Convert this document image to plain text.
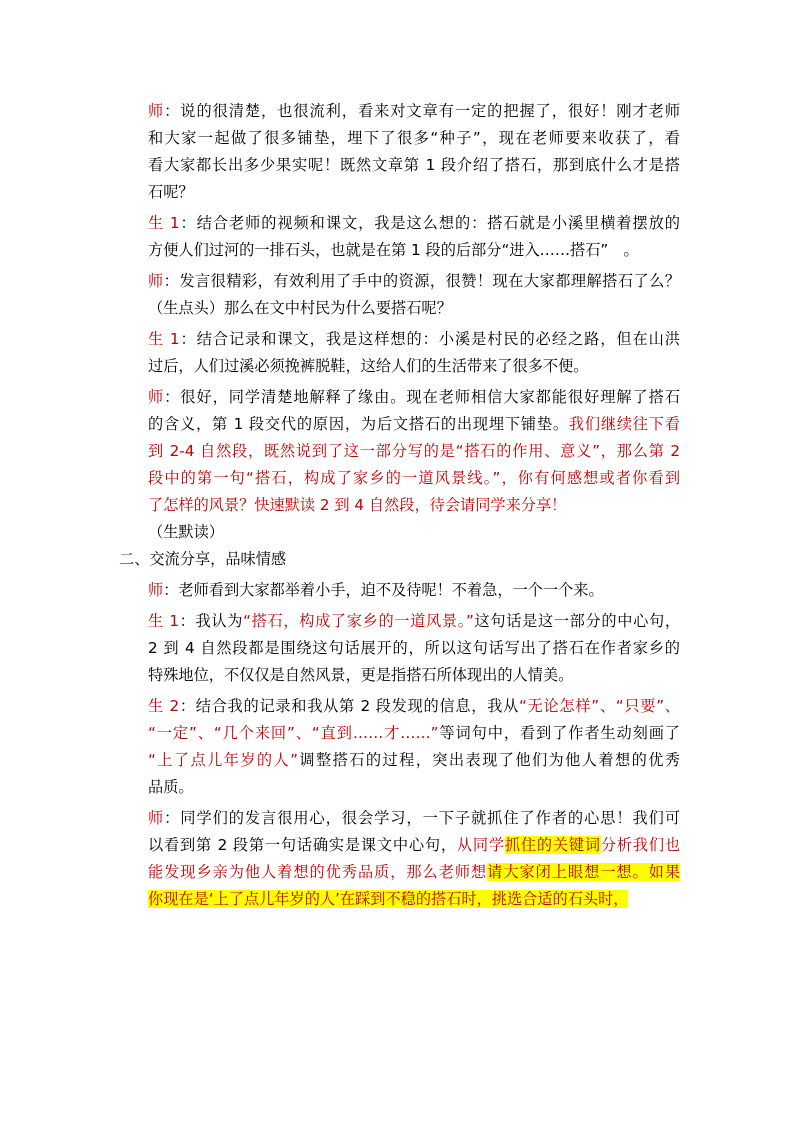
师：说的很清楚，也很流利，看来对文章有一定的把握了，很好！刚才老师
和大家一起做了很多铺垫，埋下了很多“种子”，现在老师要来收获了，看
看大家都长出多少果实呢！既然文章第 1 段介绍了搭石，那到底什么才是搭
石呢？
生 1：结合老师的视频和课文，我是这么想的：搭石就是小溪里横着摆放的
方便人们过河的一排石头，也就是在第 1 段的后部分“进入……搭石”　。
师：发言很精彩，有效利用了手中的资源，很赞！现在大家都理解搭石了么？
（生点头）那么在文中村民为什么要搭石呢？
生 1：结合记录和课文，我是这样想的：小溪是村民的必经之路，但在山洪
过后，人们过溪必须挽裤脱鞋，这给人们的生活带来了很多不便。
师：很好，同学清楚地解释了缘由。现在老师相信大家都能很好理解了搭石
的含义，第 1 段交代的原因，为后文搭石的出现埋下铺垫。我们继续往下看
到 2-4 自然段，既然说到了这一部分写的是“搭石的作用、意义”，那么第 2
段中的第一句“搭石，构成了家乡的一道风景线。”，你有何感想或者你看到
了怎样的风景？快速默读 2 到 4 自然段，待会请同学来分享！
（生默读）
二、交流分享，品味情感
师：老师看到大家都举着小手，迫不及待呢！不着急，一个一个来。
生 1：我认为“搭石，构成了家乡的一道风景。”这句话是这一部分的中心句，
2 到 4 自然段都是围绕这句话展开的，所以这句话写出了搭石在作者家乡的
特殊地位，不仅仅是自然风景，更是指搭石所体现出的人情美。
生 2：结合我的记录和我从第 2 段发现的信息，我从“无论怎样”、“只要”、
“一定”、“几个来回”、“直到……才……”等词句中，看到了作者生动刻画了
“上了点儿年岁的人”调整搭石的过程，突出表现了他们为他人着想的优秀
品质。
师：同学们的发言很用心，很会学习，一下子就抓住了作者的心思！我们可
以看到第 2 段第一句话确实是课文中心句，从同学抓住的关键词分析我们也
能发现乡亲为他人着想的优秀品质，那么老师想请大家闭上眼想一想。如果
你现在是‘上了点儿年岁的人’在踩到不稳的搭石时，挑选合适的石头时，
